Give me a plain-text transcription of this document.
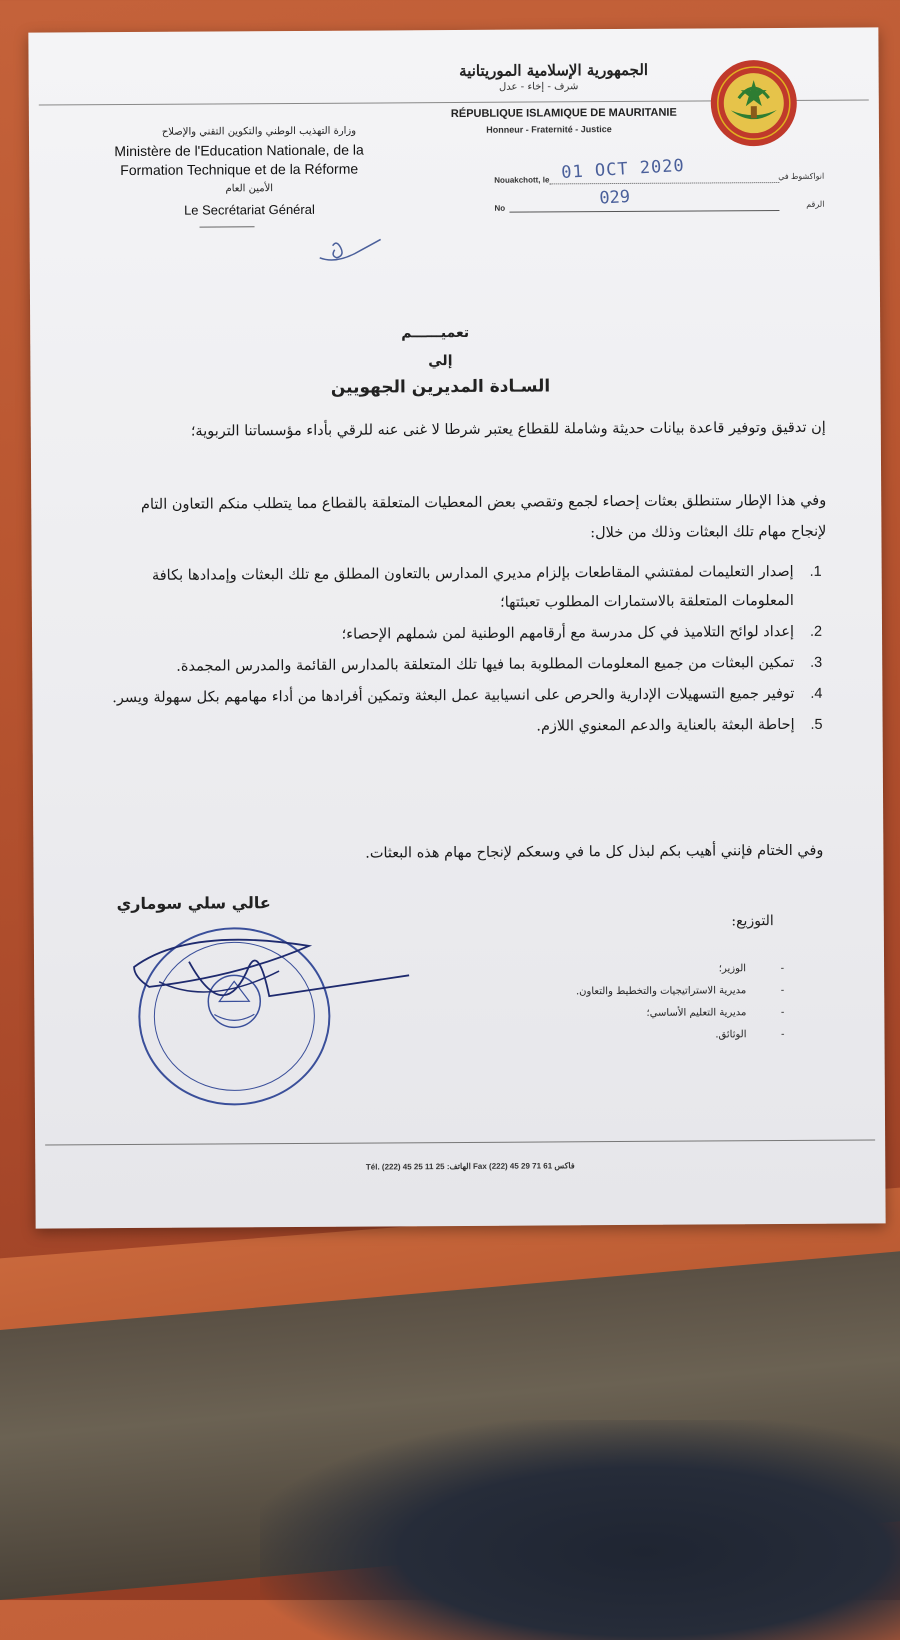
الجمهورية الإسلامية الموريتانية
شرف - إخاء - عدل
RÉPUBLIQUE ISLAMIQUE DE MAURITANIE
Honneur - Fraternité - Justice
وزارة التهذيب الوطني والتكوين التقني والإصلاح
Ministère de l'Education Nationale, de la Formation Technique et de la Réforme
الأمين العام
Le Secrétariat Général
Nouakchott, le	انواكشوط في
01 OCT 2020
No	الرقم
029
تعميــــــم
إلي
السـادة المديرين الجهويين
إن تدقيق وتوفير قاعدة بيانات حديثة وشاملة للقطاع يعتبر شرطا لا غنى عنه للرقي بأداء مؤسساتنا التربوية؛
وفي هذا الإطار ستنطلق بعثات إحصاء لجمع وتقصي بعض المعطيات المتعلقة بالقطاع مما يتطلب منكم التعاون التام لإنجاح مهام تلك البعثات وذلك من خلال:
1.
إصدار التعليمات لمفتشي المقاطعات بإلزام مديري المدارس بالتعاون المطلق مع تلك البعثات وإمدادها بكافة المعلومات المتعلقة بالاستمارات المطلوب تعبئتها؛
2.
إعداد لوائح التلاميذ في كل مدرسة مع أرقامهم الوطنية لمن شملهم الإحصاء؛
3.
تمكين البعثات من جميع المعلومات المطلوبة بما فيها تلك المتعلقة بالمدارس القائمة والمدرس المجمدة.
4.
توفير جميع التسهيلات الإدارية والحرص على انسيابية عمل البعثة وتمكين أفرادها من أداء مهامهم بكل سهولة ويسر.
5.
إحاطة البعثة بالعناية والدعم المعنوي اللازم.
وفي الختام فإنني أهيب بكم لبذل كل ما في وسعكم لإنجاح مهام هذه البعثات.
عالي سلي سوماري
التوزيع:
-
الوزير؛
-
مديرية الاستراتيجيات والتخطيط والتعاون.
-
مديرية التعليم الأساسي؛
-
الوثائق.
Tél. (222) 45 25 11 25 :الهاتف Fax (222) 45 29 71 61 فاكس
